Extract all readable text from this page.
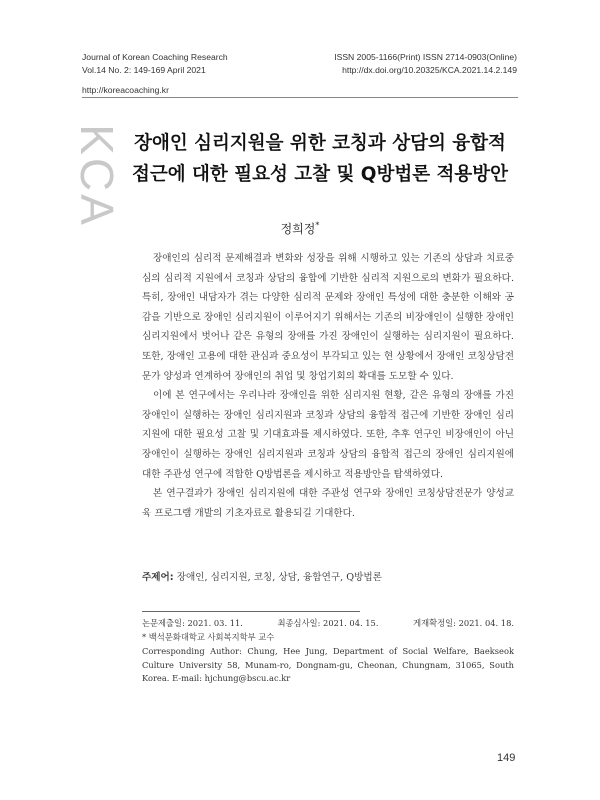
Journal of Korean Coaching Research
Vol.14 No. 2: 149-169 April 2021
ISSN 2005-1166(Print) ISSN 2714-0903(Online)
http://dx.doi.org/10.20325/KCA.2021.14.2.149
http://koreacoaching.kr
KCA 장애인 심리지원을 위한 코칭과 상담의 융합적
접근에 대한 필요성 고찰 및 Q방법론 적용방안
정희정*

장애인의 심리적 문제해결과 변화와 성장을 위해 시행하고 있는 기존의 상담과 치료중심의 심리적 지원에서 코칭과 상담의 융합에 기반한 심리적 지원으로의 변화가 필요하다. 특히, 장애인 내담자가 겪는 다양한 심리적 문제와 장애인 특성에 대한 충분한 이해와 공감을 기반으로 장애인 심리지원이 이루어지기 위해서는 기존의 비장애인이 실행한 장애인 심리지원에서 벗어나 같은 유형의 장애를 가진 장애인이 실행하는 심리지원이 필요하다. 또한, 장애인 고용에 대한 관심과 중요성이 부각되고 있는 현 상황에서 장애인 코칭상담전문가 양성과 연계하여 장애인의 취업 및 창업기회의 확대를 도모할 수 있다.

이에 본 연구에서는 우리나라 장애인을 위한 심리지원 현황, 같은 유형의 장애를 가진 장애인이 실행하는 장애인 심리지원과 코칭과 상담의 융합적 접근에 기반한 장애인 심리지원에 대한 필요성 고찰 및 기대효과를 제시하였다. 또한, 추후 연구인 비장애인이 아닌 장애인이 실행하는 장애인 심리지원과 코칭과 상담의 융합적 접근의 장애인 심리지원에 대한 주관성 연구에 적합한 Q방법론을 제시하고 적용방안을 탐색하였다.

본 연구결과가 장애인 심리지원에 대한 주관성 연구와 장애인 코칭상담전문가 양성교육 프로그램 개발의 기초자료로 활용되길 기대한다.

주제어: 장애인, 심리지원, 코칭, 상담, 융합연구, Q방법론
논문제출일: 2021. 03. 11.	최종심사일: 2021. 04. 15.	게재확정일: 2021. 04. 18.
* 백석문화대학교 사회복지학부 교수
Corresponding Author: Chung, Hee Jung, Department of Social Welfare, Baekseok Culture University 58, Munam-ro, Dongnam-gu, Cheonan, Chungnam, 31065, South Korea. E-mail: hjchung@bscu.ac.kr
149
